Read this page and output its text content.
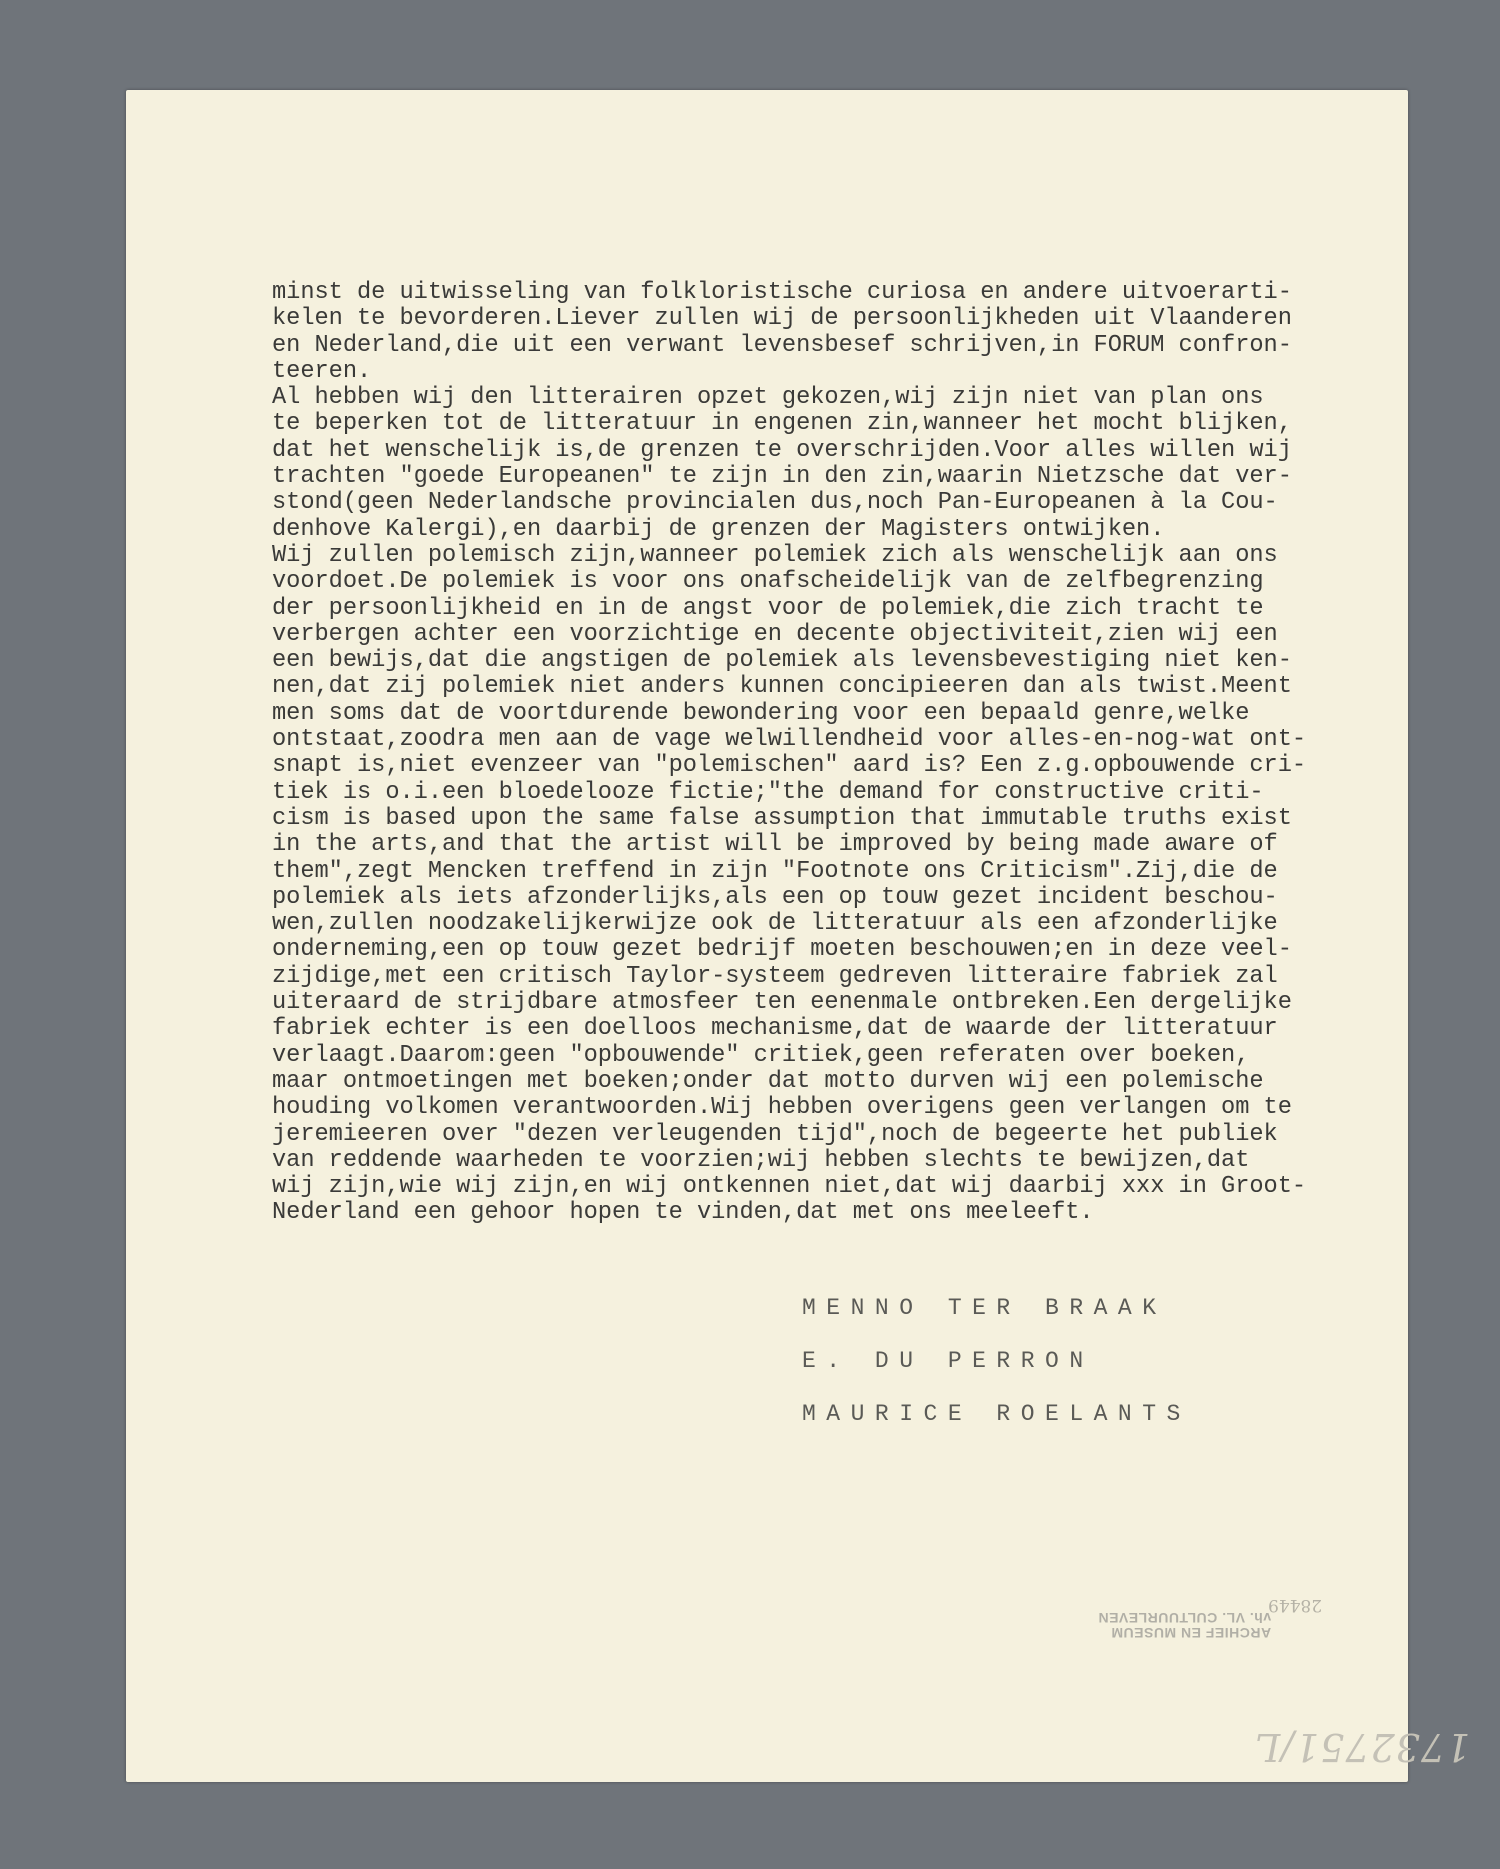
minst de uitwisseling van folkloristische curiosa en andere uitvoerarti-
kelen te bevorderen.Liever zullen wij de persoonlijkheden uit Vlaanderen
en Nederland,die uit een verwant levensbesef schrijven,in FORUM confron-
teeren.
Al hebben wij den litterairen opzet gekozen,wij zijn niet van plan ons
te beperken tot de litteratuur in engenen zin,wanneer het mocht blijken,
dat het wenschelijk is,de grenzen te overschrijden.Voor alles willen wij
trachten "goede Europeanen" te zijn in den zin,waarin Nietzsche dat ver-
stond(geen Nederlandsche provincialen dus,noch Pan-Europeanen à la Cou-
denhove Kalergi),en daarbij de grenzen der Magisters ontwijken.
Wij zullen polemisch zijn,wanneer polemiek zich als wenschelijk aan ons
voordoet.De polemiek is voor ons onafscheidelijk van de zelfbegrenzing
der persoonlijkheid en in de angst voor de polemiek,die zich tracht te
verbergen achter een voorzichtige en decente objectiviteit,zien wij een
een bewijs,dat die angstigen de polemiek als levensbevestiging niet ken-
nen,dat zij polemiek niet anders kunnen concipieeren dan als twist.Meent
men soms dat de voortdurende bewondering voor een bepaald genre,welke
ontstaat,zoodra men aan de vage welwillendheid voor alles-en-nog-wat ont-
snapt is,niet evenzeer van "polemischen" aard is? Een z.g.opbouwende cri-
tiek is o.i.een bloedelooze fictie;"the demand for constructive criti-
cism is based upon the same false assumption that immutable truths exist
in the arts,and that the artist will be improved by being made aware of
them",zegt Mencken treffend in zijn "Footnote ons Criticism".Zij,die de
polemiek als iets afzonderlijks,als een op touw gezet incident beschou-
wen,zullen noodzakelijkerwijze ook de litteratuur als een afzonderlijke
onderneming,een op touw gezet bedrijf moeten beschouwen;en in deze veel-
zijdige,met een critisch Taylor-systeem gedreven litteraire fabriek zal
uiteraard de strijdbare atmosfeer ten eenenmale ontbreken.Een dergelijke
fabriek echter is een doelloos mechanisme,dat de waarde der litteratuur
verlaagt.Daarom:geen "opbouwende" critiek,geen referaten over boeken,
maar ontmoetingen met boeken;onder dat motto durven wij een polemische
houding volkomen verantwoorden.Wij hebben overigens geen verlangen om te
jeremieeren over "dezen verleugenden tijd",noch de begeerte het publiek
van reddende waarheden te voorzien;wij hebben slechts te bewijzen,dat
wij zijn,wie wij zijn,en wij ontkennen niet,dat wij daarbij xxx in Groot-
Nederland een gehoor hopen te vinden,dat met ons meeleeft.
MENNO TER BRAAK
E. DU PERRON
MAURICE ROELANTS
28449
ARCHIEF EN MUSEUM
vh. VL. CULTUURLEVEN
1732751/L
